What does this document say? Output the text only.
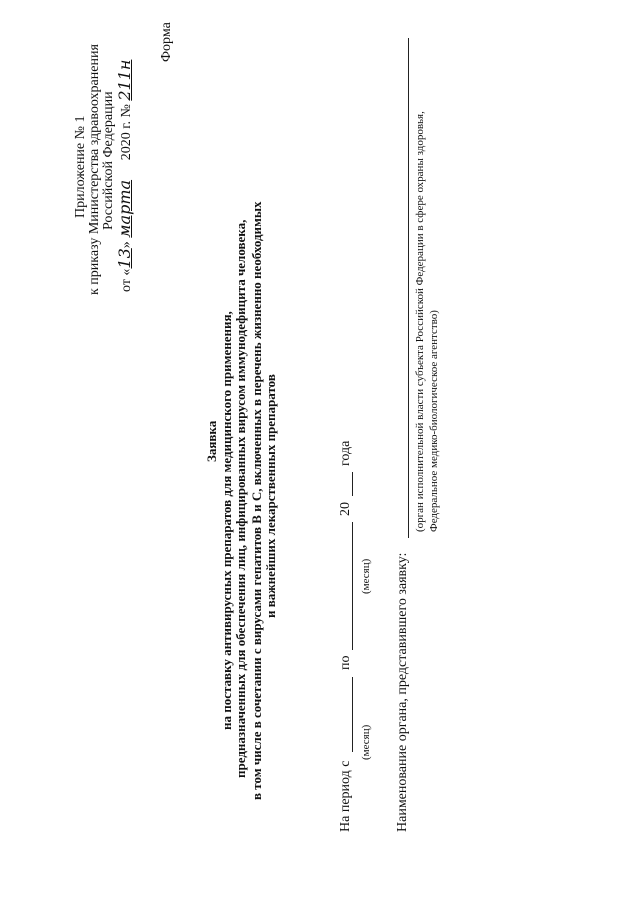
Приложение № 1 к приказу Министерства здравоохранения Российской Федерации
от «13» марта 2020 г. № 211н
Форма
Заявка на поставку антивирусных препаратов для медицинского применения, предназначенных для обеспечения лиц, инфицированных вирусом иммунодефицита человека, в том числе в сочетании с вирусами гепатитов В и С, включенных в перечень жизненно необходимых и важнейших лекарственных препаратов
На период с
по
20
года
(месяц)
(месяц) Наименование органа, представившего заявку:
(орган исполнительной власти субъекта Российской Федерации в сфере охраны здоровья, Федеральное медико-биологическое агентство)
